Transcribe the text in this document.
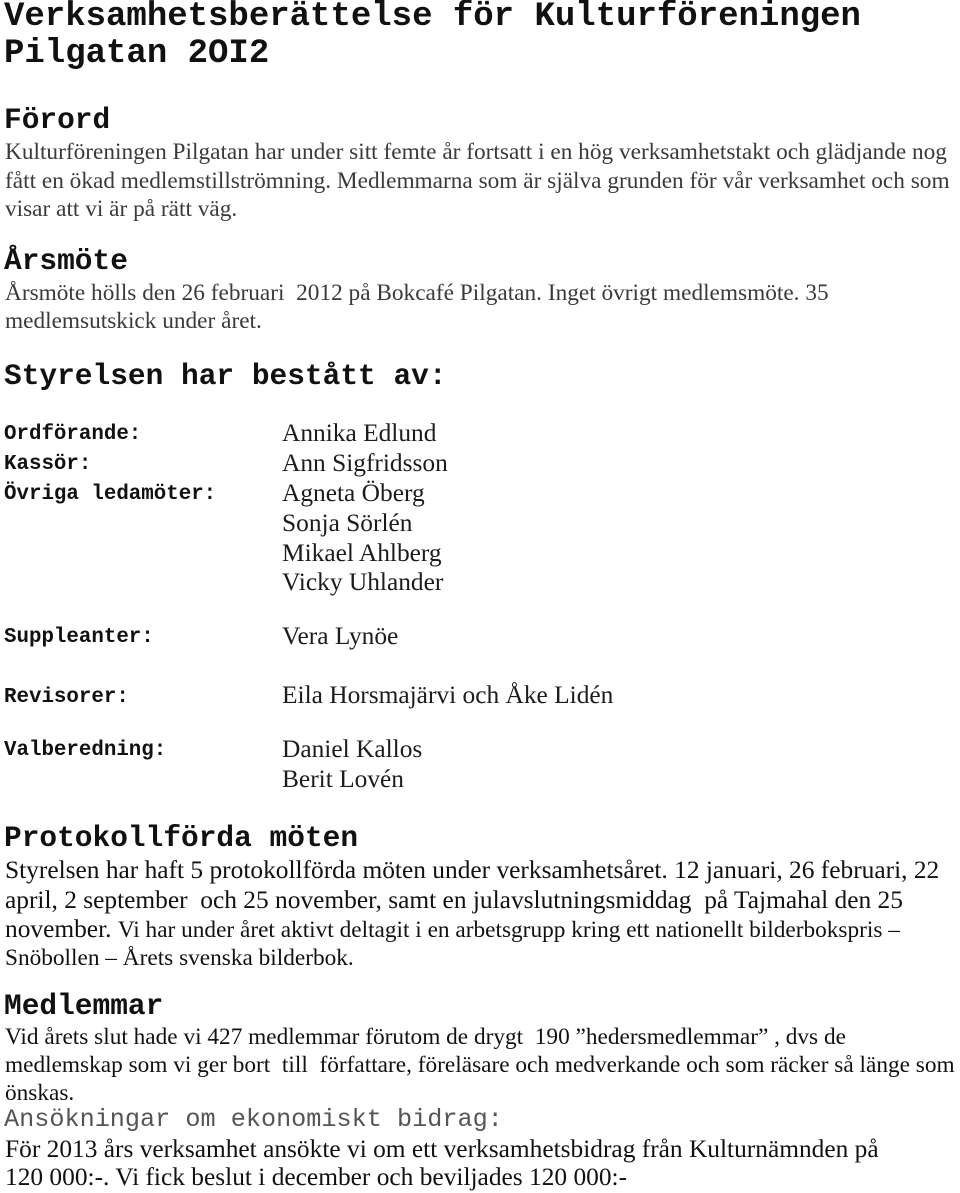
Verksamhetsberättelse för Kulturföreningen
Pilgatan 2OI2
Förord
Kulturföreningen Pilgatan har under sitt femte år fortsatt i en hög verksamhetstakt och glädjande nog
fått en ökad medlemstillströmning. Medlemmarna som är själva grunden för vår verksamhet och som
visar att vi är på rätt väg.
Årsmöte
Årsmöte hölls den 26 februari  2012 på Bokcafé Pilgatan. Inget övrigt medlemsmöte. 35
medlemsutskick under året.
Styrelsen har bestått av:
Ordförande:	Annika Edlund
Kassör:	Ann Sigfridsson
Övriga ledamöter:	Agneta Öberg
Sonja Sörlén
Mikael Ahlberg
Vicky Uhlander
Suppleanter:	Vera Lynöe
Revisorer:	Eila Horsmajärvi och Åke Lidén
Valberedning:	Daniel Kallos
Berit Lovén
Protokollförda möten
Styrelsen har haft 5 protokollförda möten under verksamhetsåret. 12 januari, 26 februari, 22
april, 2 september  och 25 november, samt en julavslutningsmiddag  på Tajmahal den 25
november. Vi har under året aktivt deltagit i en arbetsgrupp kring ett nationellt bilderbokspris –
Snöbollen – Årets svenska bilderbok.
Medlemmar
Vid årets slut hade vi 427 medlemmar förutom de drygt  190 ”hedersmedlemmar” , dvs de
medlemskap som vi ger bort  till  författare, föreläsare och medverkande och som räcker så länge som
önskas.
Ansökningar om ekonomiskt bidrag:
För 2013 års verksamhet ansökte vi om ett verksamhetsbidrag från Kulturnämnden på
120 000:-. Vi fick beslut i december och beviljades 120 000:-
